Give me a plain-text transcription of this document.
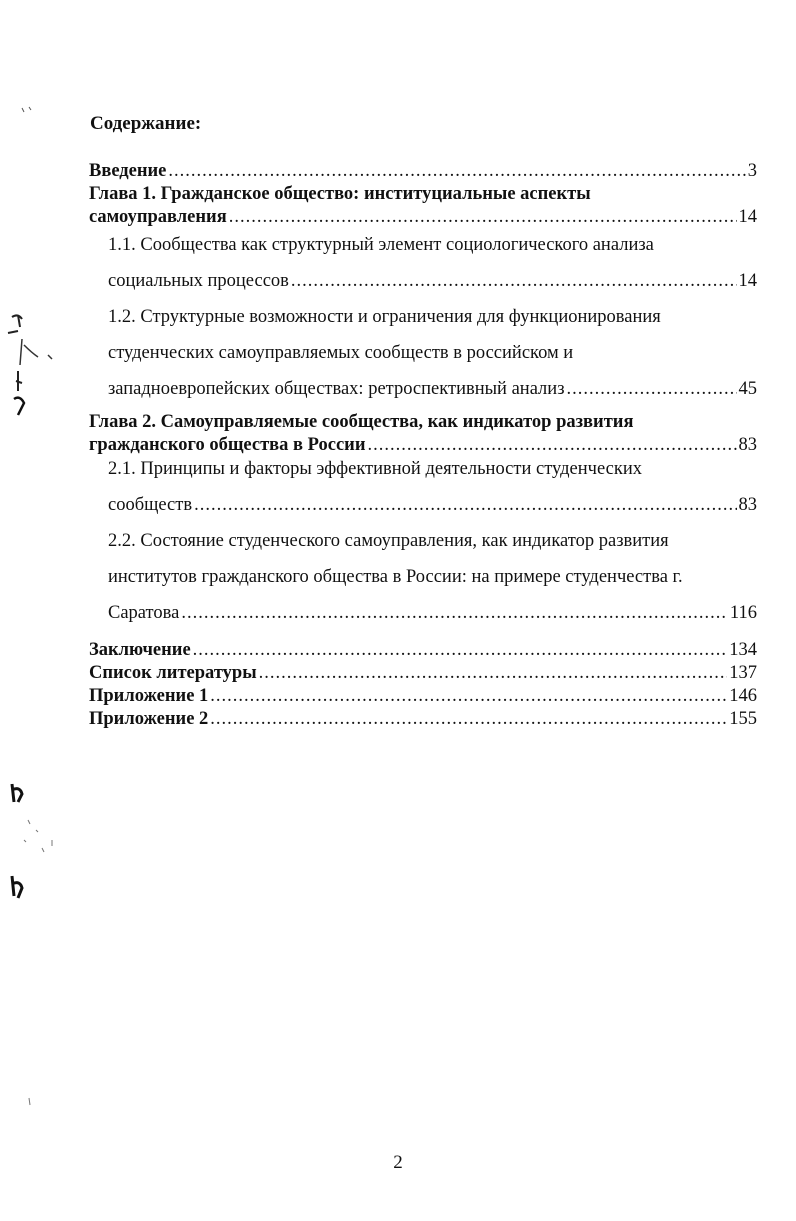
Содержание:
Введение .....	3
Глава 1. Гражданское общество: институциальные аспекты
самоуправления .....	14
1.1. Сообщества как структурный элемент социологического анализа
социальных процессов .....	14
1.2. Структурные возможности и ограничения для функционирования
студенческих самоуправляемых сообществ в российском и
западноевропейских обществах: ретроспективный анализ .....	45
Глава 2. Самоуправляемые сообщества, как индикатор развития
гражданского общества в России .....	83
2.1. Принципы и факторы эффективной деятельности студенческих
сообществ .....	83
2.2. Состояние студенческого самоуправления, как индикатор развития
институтов гражданского общества в России: на примере студенчества г.
Саратова .....	116
Заключение .....	134
Список литературы .....	137
Приложение 1 .....	146
Приложение 2 .....	155
2
